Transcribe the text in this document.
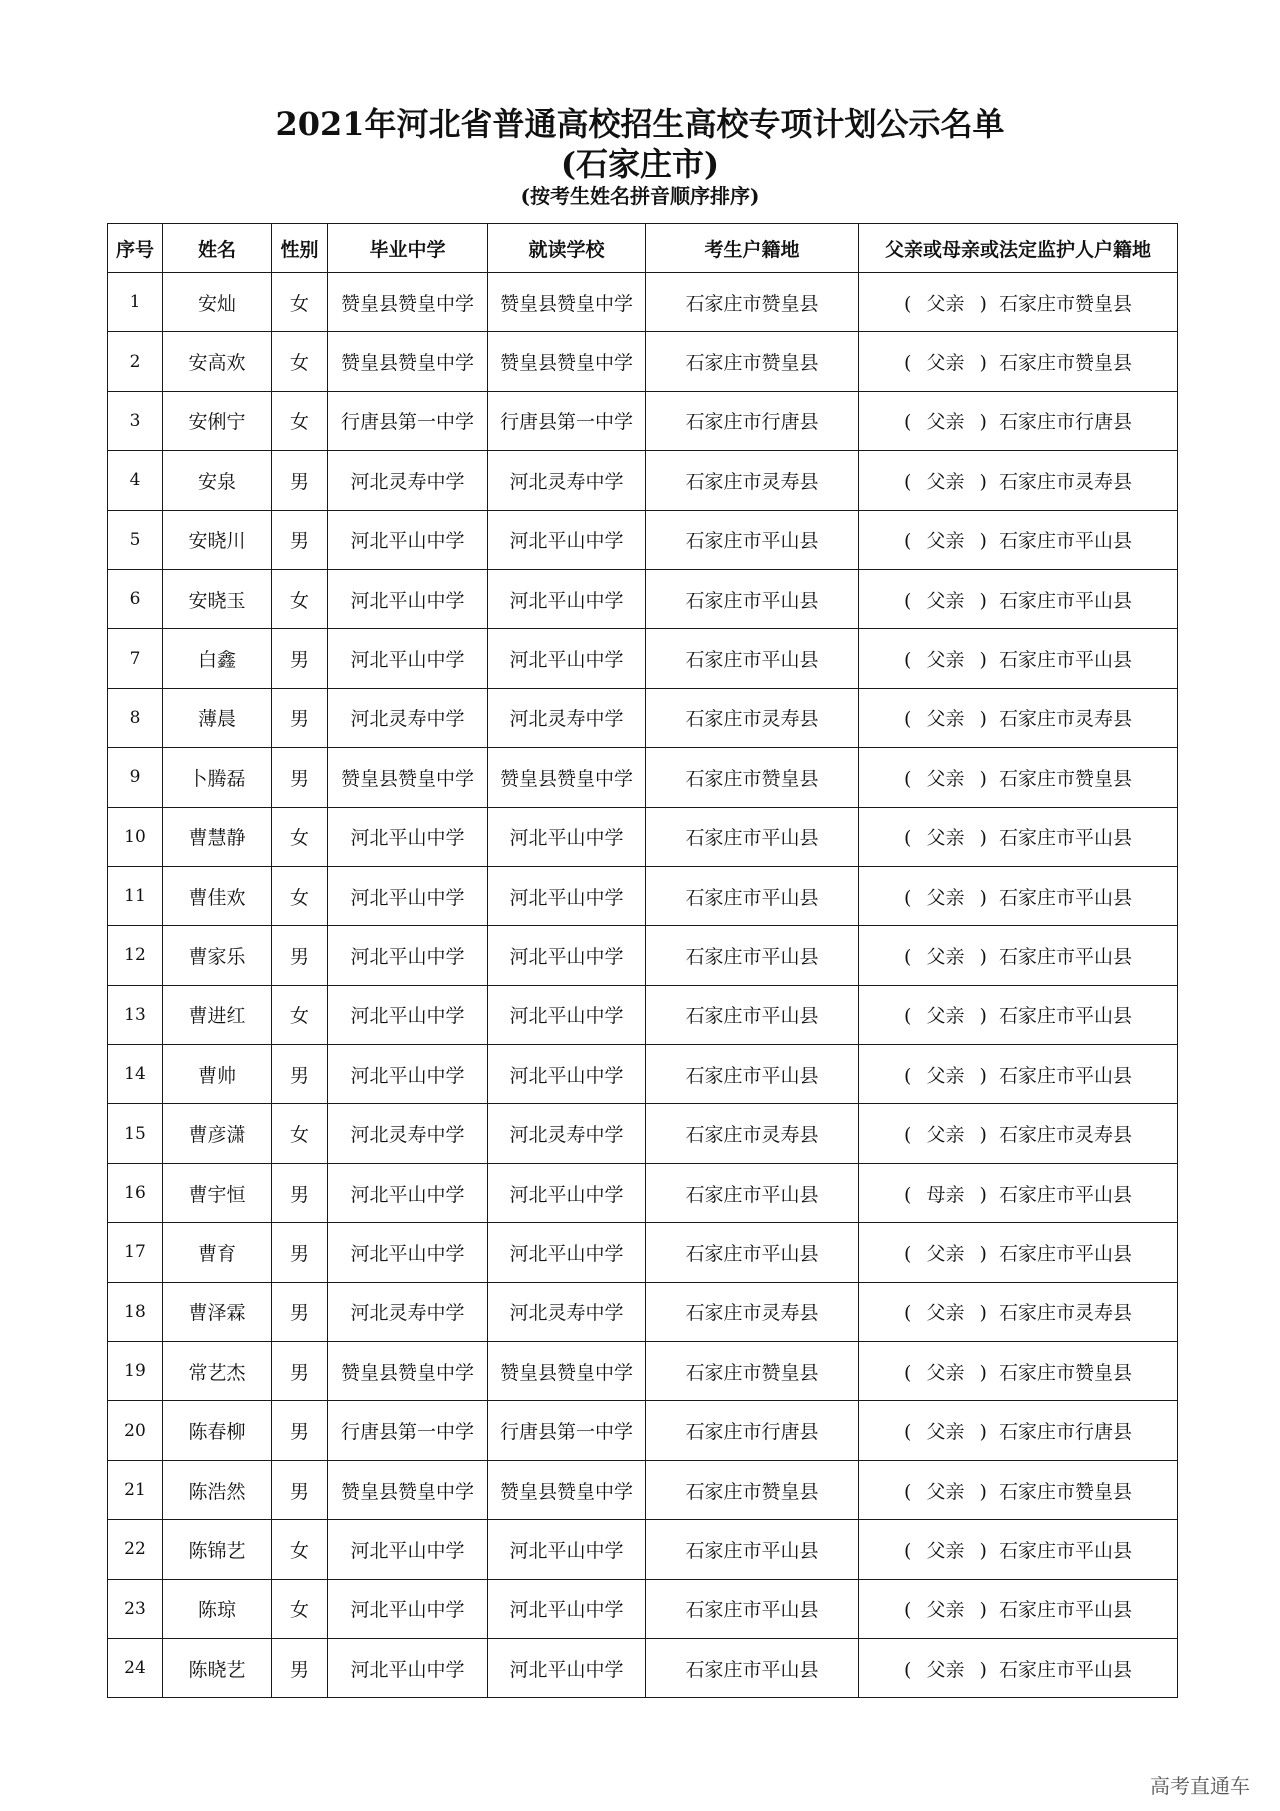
2021年河北省普通高校招生高校专项计划公示名单
(石家庄市)
(按考生姓名拼音顺序排序)
序号	姓名	性别	毕业中学	就读学校	考生户籍地	父亲或母亲或法定监护人户籍地
1	安灿	女	赞皇县赞皇中学	赞皇县赞皇中学	石家庄市赞皇县	( 父亲 )  石家庄市赞皇县
2	安高欢	女	赞皇县赞皇中学	赞皇县赞皇中学	石家庄市赞皇县	( 父亲 )  石家庄市赞皇县
3	安俐宁	女	行唐县第一中学	行唐县第一中学	石家庄市行唐县	( 父亲 )  石家庄市行唐县
4	安泉	男	河北灵寿中学	河北灵寿中学	石家庄市灵寿县	( 父亲 )  石家庄市灵寿县
5	安晓川	男	河北平山中学	河北平山中学	石家庄市平山县	( 父亲 )  石家庄市平山县
6	安晓玉	女	河北平山中学	河北平山中学	石家庄市平山县	( 父亲 )  石家庄市平山县
7	白鑫	男	河北平山中学	河北平山中学	石家庄市平山县	( 父亲 )  石家庄市平山县
8	薄晨	男	河北灵寿中学	河北灵寿中学	石家庄市灵寿县	( 父亲 )  石家庄市灵寿县
9	卜腾磊	男	赞皇县赞皇中学	赞皇县赞皇中学	石家庄市赞皇县	( 父亲 )  石家庄市赞皇县
10	曹慧静	女	河北平山中学	河北平山中学	石家庄市平山县	( 父亲 )  石家庄市平山县
11	曹佳欢	女	河北平山中学	河北平山中学	石家庄市平山县	( 父亲 )  石家庄市平山县
12	曹家乐	男	河北平山中学	河北平山中学	石家庄市平山县	( 父亲 )  石家庄市平山县
13	曹进红	女	河北平山中学	河北平山中学	石家庄市平山县	( 父亲 )  石家庄市平山县
14	曹帅	男	河北平山中学	河北平山中学	石家庄市平山县	( 父亲 )  石家庄市平山县
15	曹彦潇	女	河北灵寿中学	河北灵寿中学	石家庄市灵寿县	( 父亲 )  石家庄市灵寿县
16	曹宇恒	男	河北平山中学	河北平山中学	石家庄市平山县	( 母亲 )  石家庄市平山县
17	曹育	男	河北平山中学	河北平山中学	石家庄市平山县	( 父亲 )  石家庄市平山县
18	曹泽霖	男	河北灵寿中学	河北灵寿中学	石家庄市灵寿县	( 父亲 )  石家庄市灵寿县
19	常艺杰	男	赞皇县赞皇中学	赞皇县赞皇中学	石家庄市赞皇县	( 父亲 )  石家庄市赞皇县
20	陈春柳	男	行唐县第一中学	行唐县第一中学	石家庄市行唐县	( 父亲 )  石家庄市行唐县
21	陈浩然	男	赞皇县赞皇中学	赞皇县赞皇中学	石家庄市赞皇县	( 父亲 )  石家庄市赞皇县
22	陈锦艺	女	河北平山中学	河北平山中学	石家庄市平山县	( 父亲 )  石家庄市平山县
23	陈琼	女	河北平山中学	河北平山中学	石家庄市平山县	( 父亲 )  石家庄市平山县
24	陈晓艺	男	河北平山中学	河北平山中学	石家庄市平山县	( 父亲 )  石家庄市平山县
高考直通车
